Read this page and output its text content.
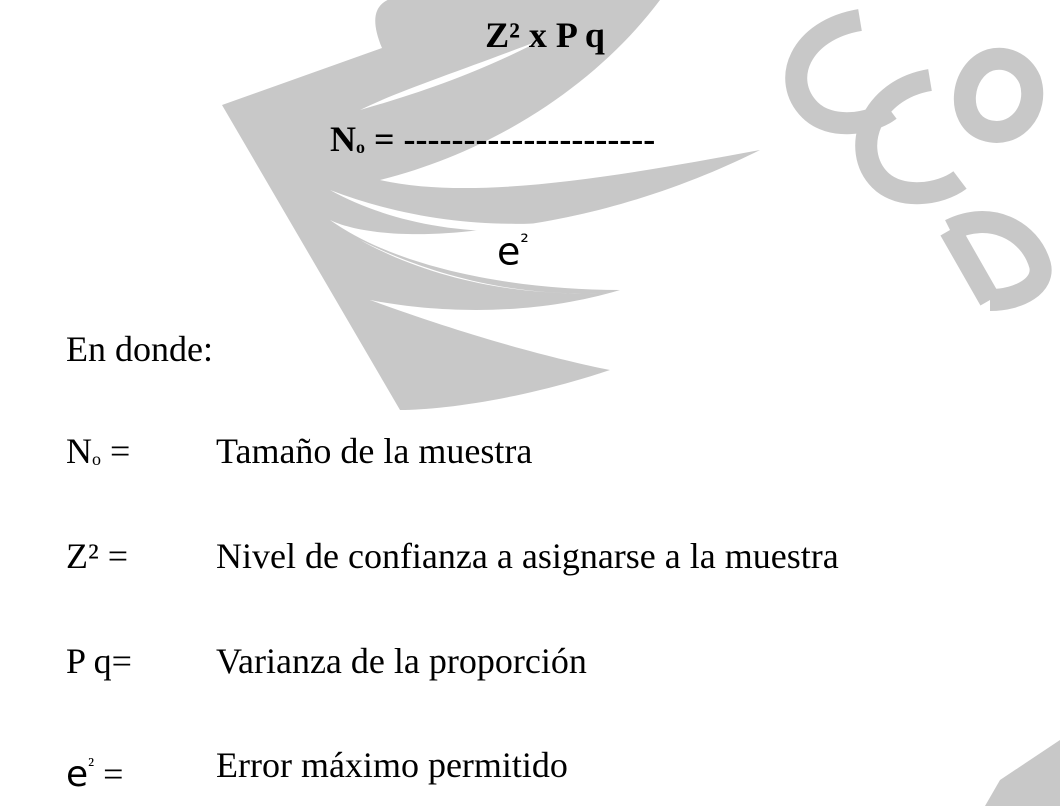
Z² x P q
No = ---------------------
$e^{^2}$
En donde:
No = Tamaño de la muestra
Z² = Nivel de confianza a asignarse a la muestra
P q= Varianza de la proporción
$e^{^2}$ =	Error máximo permitido
